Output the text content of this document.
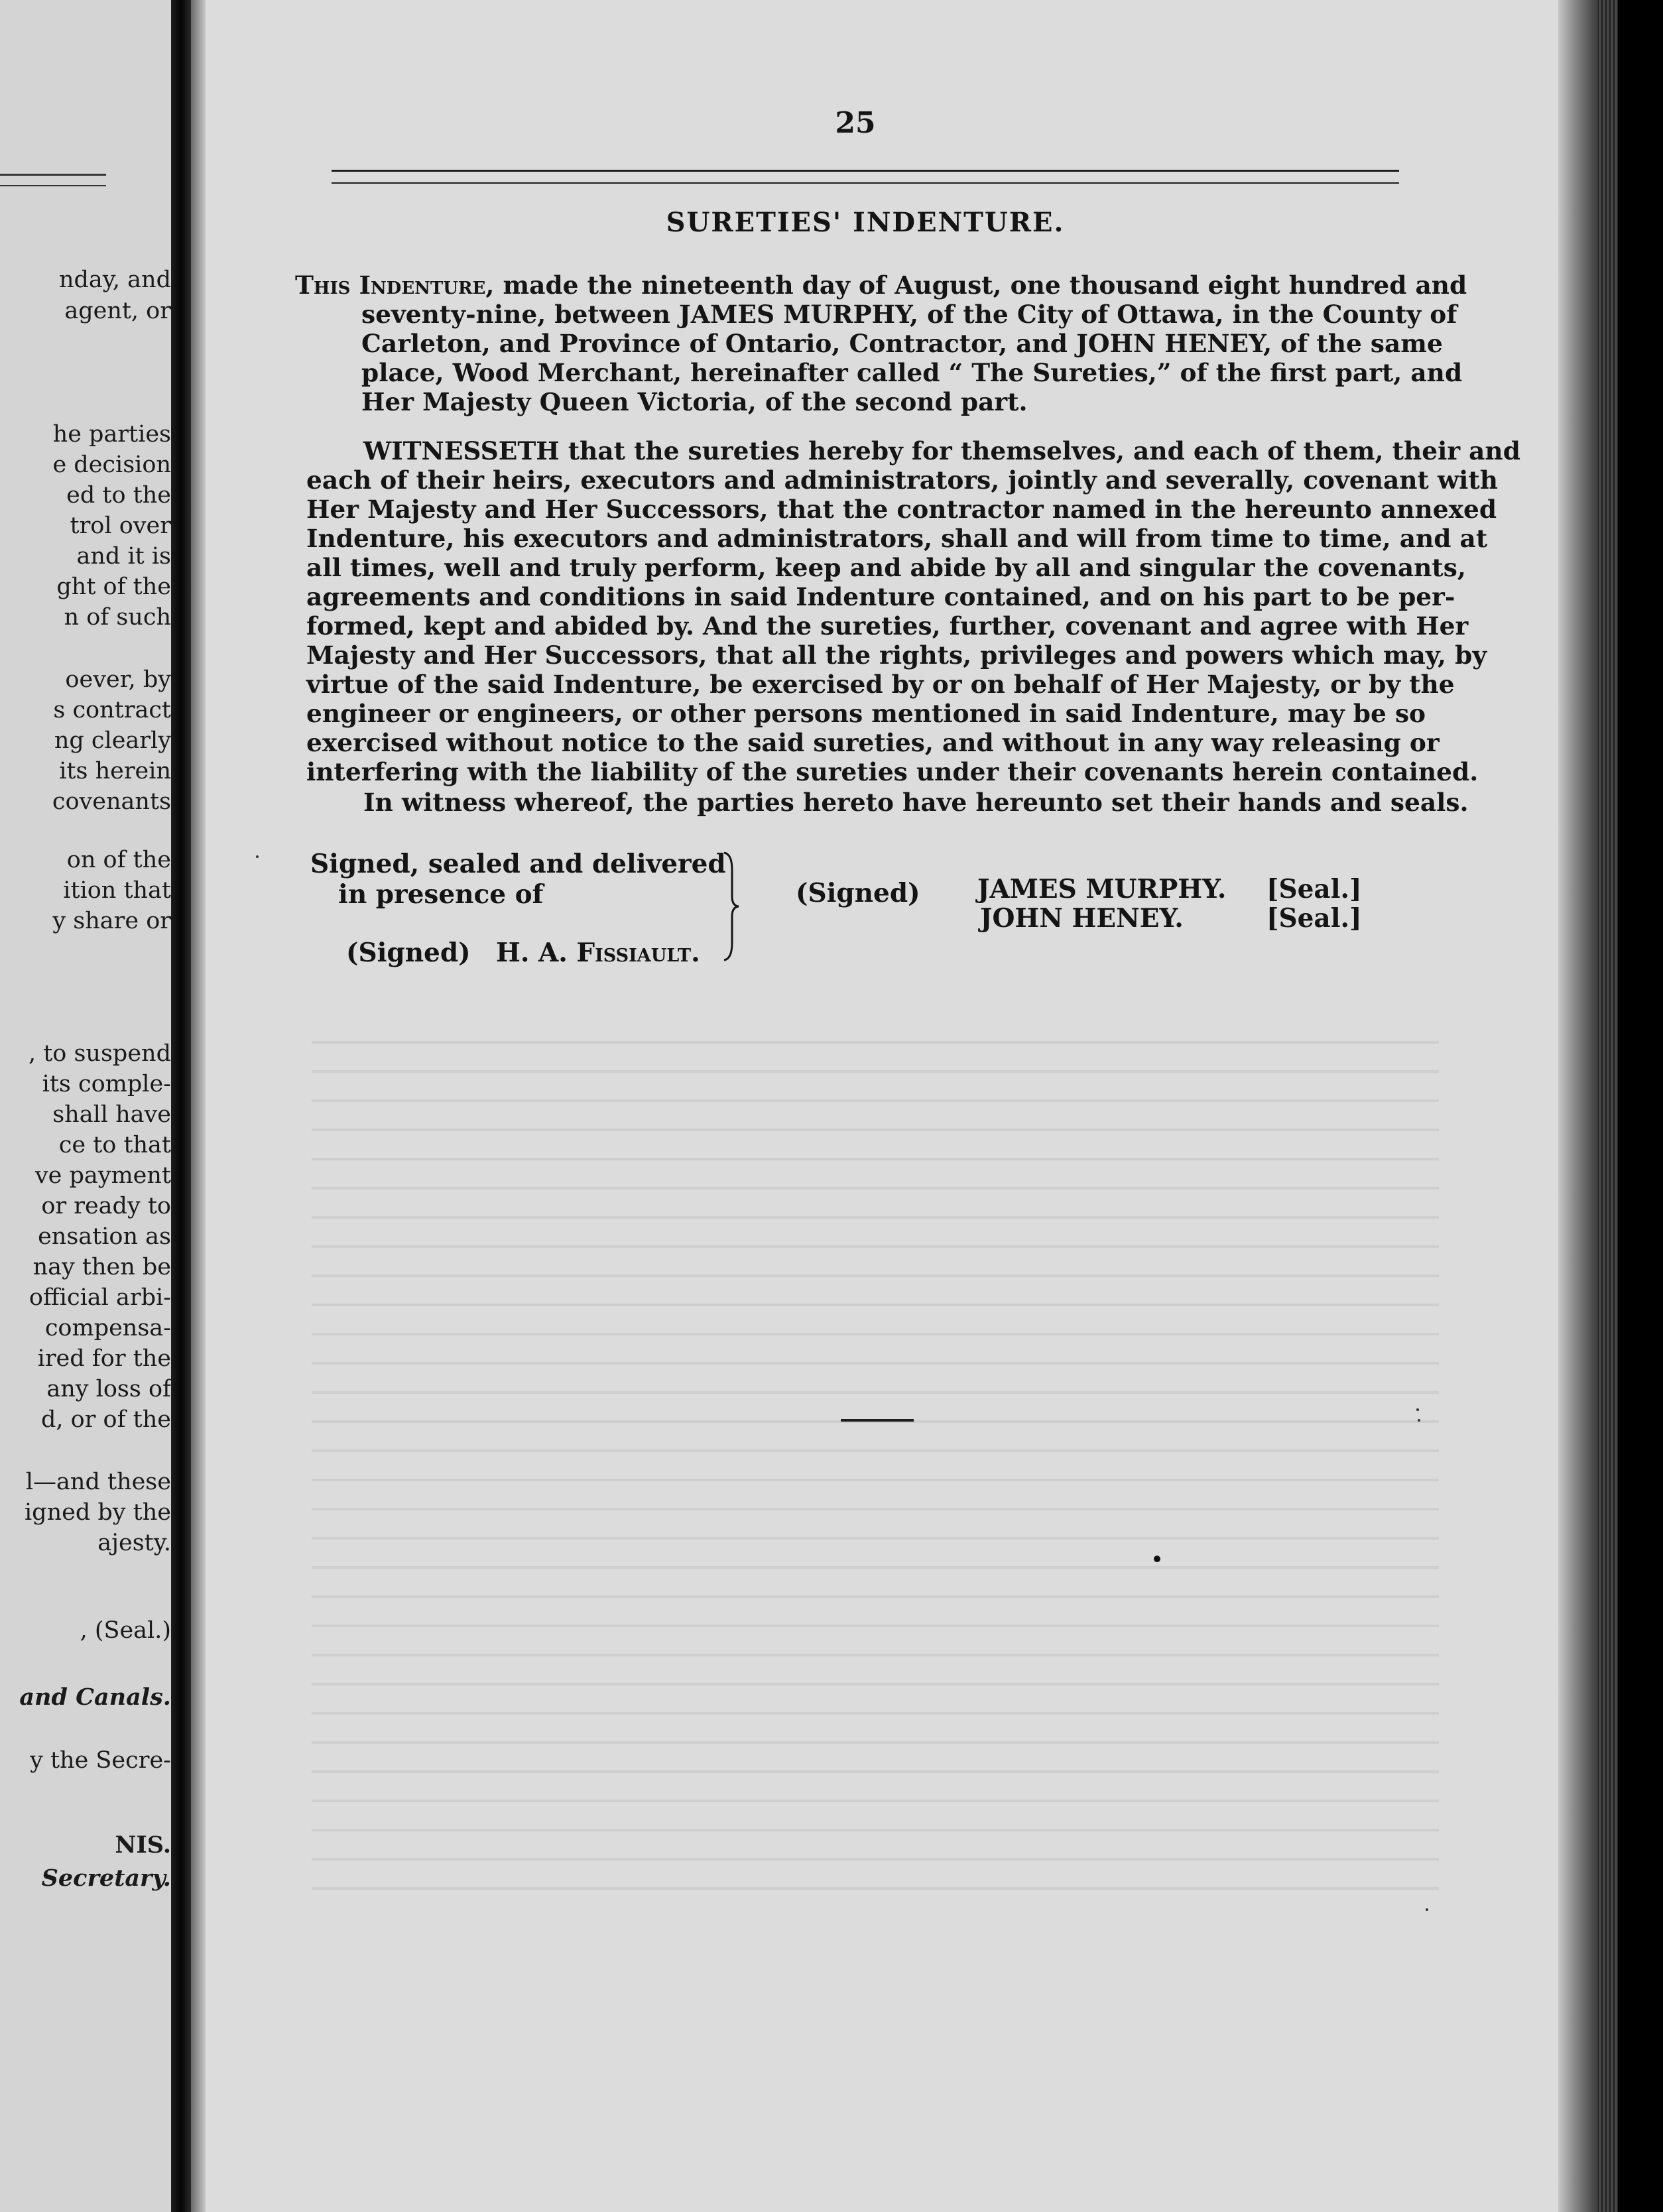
nday, and
agent, or
he parties
e decision
ed to the
trol over
and it is
ght of the
n of such
oever, by
s contract
ng clearly
its herein
covenants
on of the
ition that
y share or
, to suspend
its comple-
shall have
ce to that
ve payment
or ready to
ensation as
nay then be
official arbi-
compensa-
ired for the
any loss of
d, or of the
l—and these
igned by the
ajesty.
, (Seal.)
and Canals.
y the Secre-
NIS.
Secretary.
25
SURETIES' INDENTURE.
This Indenture, made the nineteenth day of August, one thousand eight hundred and
seventy-nine, between JAMES MURPHY, of the City of Ottawa, in the County of
Carleton, and Province of Ontario, Contractor, and JOHN HENEY, of the same
place, Wood Merchant, hereinafter called “ The Sureties,” of the first part, and
Her Majesty Queen Victoria, of the second part.
WITNESSETH that the sureties hereby for themselves, and each of them, their and
each of their heirs, executors and administrators, jointly and severally, covenant with
Her Majesty and Her Successors, that the contractor named in the hereunto annexed
Indenture, his executors and administrators, shall and will from time to time, and at
all times, well and truly perform, keep and abide by all and singular the covenants,
agreements and conditions in said Indenture contained, and on his part to be per-
formed, kept and abided by. And the sureties, further, covenant and agree with Her
Majesty and Her Successors, that all the rights, privileges and powers which may, by
virtue of the said Indenture, be exercised by or on behalf of Her Majesty, or by the
engineer or engineers, or other persons mentioned in said Indenture, may be so
exercised without notice to the said sureties, and without in any way releasing or
interfering with the liability of the sureties under their covenants herein contained.
In witness whereof, the parties hereto have hereunto set their hands and seals.
Signed, sealed and delivered
in presence of
(Signed) H. A. Fissiault.
(Signed) JAMES MURPHY.
JOHN HENEY.
[Seal.]
[Seal.]
